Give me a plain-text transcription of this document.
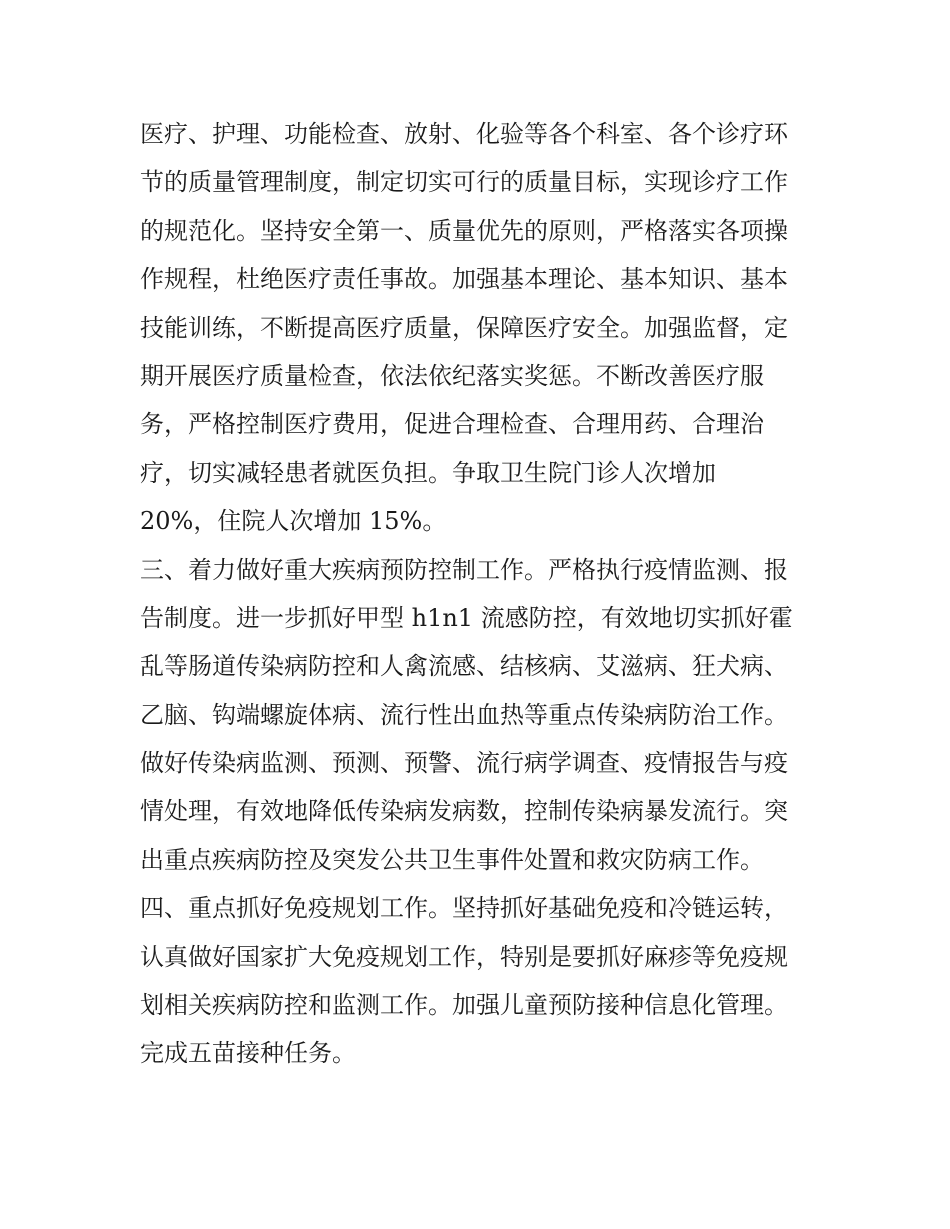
医疗、护理、功能检查、放射、化验等各个科室、各个诊疗环
节的质量管理制度，制定切实可行的质量目标，实现诊疗工作
的规范化。坚持安全第一、质量优先的原则，严格落实各项操
作规程，杜绝医疗责任事故。加强基本理论、基本知识、基本
技能训练，不断提高医疗质量，保障医疗安全。加强监督，定
期开展医疗质量检查，依法依纪落实奖惩。不断改善医疗服
务，严格控制医疗费用，促进合理检查、合理用药、合理治
疗，切实减轻患者就医负担。争取卫生院门诊人次增加
20%，住院人次增加 15%。
三、着力做好重大疾病预防控制工作。严格执行疫情监测、报
告制度。进一步抓好甲型 h1n1 流感防控，有效地切实抓好霍
乱等肠道传染病防控和人禽流感、结核病、艾滋病、狂犬病、
乙脑、钩端螺旋体病、流行性出血热等重点传染病防治工作。
做好传染病监测、预测、预警、流行病学调查、疫情报告与疫
情处理，有效地降低传染病发病数，控制传染病暴发流行。突
出重点疾病防控及突发公共卫生事件处置和救灾防病工作。
四、重点抓好免疫规划工作。坚持抓好基础免疫和冷链运转，
认真做好国家扩大免疫规划工作，特别是要抓好麻疹等免疫规
划相关疾病防控和监测工作。加强儿童预防接种信息化管理。
完成五苗接种任务。
